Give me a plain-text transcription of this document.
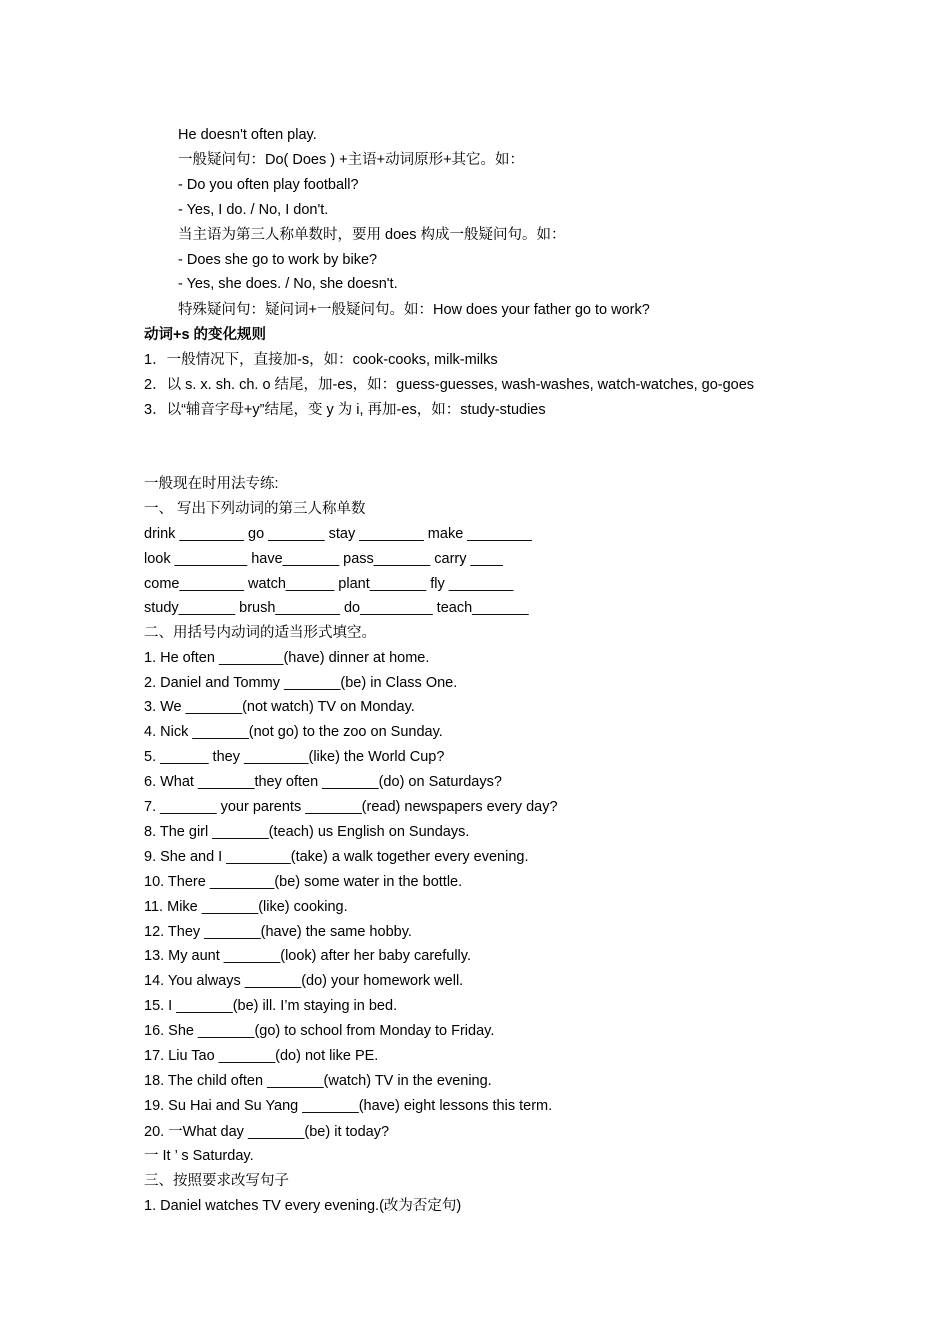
He doesn't often play.
一般疑问句：Do( Does ) +主语+动词原形+其它。如：
- Do you often play football?
- Yes, I do. / No, I don't.
当主语为第三人称单数时，要用 does 构成一般疑问句。如：
- Does she go to work by bike?
- Yes, she does. / No, she doesn't.
特殊疑问句：疑问词+一般疑问句。如：How does your father go to work?
动词+s 的变化规则
1．一般情况下，直接加-s，如：cook-cooks, milk-milks
2．以 s. x. sh. ch. o 结尾，加-es，如：guess-guesses, wash-washes, watch-watches, go-goes
3．以“辅音字母+y”结尾，变 y 为 i, 再加-es，如：study-studies
一般现在时用法专练:
一、 写出下列动词的第三人称单数
drink ________ go _______ stay ________ make ________
look _________ have_______ pass_______ carry ____
come________ watch______ plant_______ fly ________
study_______ brush________ do_________ teach_______
二、用括号内动词的适当形式填空。
1. He often ________(have) dinner at home.
2. Daniel and Tommy _______(be) in Class One.
3. We _______(not watch) TV on Monday.
4. Nick _______(not go) to the zoo on Sunday.
5. ______ they ________(like) the World Cup?
6. What _______they often _______(do) on Saturdays?
7. _______ your parents _______(read) newspapers every day?
8. The girl _______(teach) us English on Sundays.
9. She and I ________(take) a walk together every evening.
10. There ________(be) some water in the bottle.
11. Mike _______(like) cooking.
12. They _______(have) the same hobby.
13. My aunt _______(look) after her baby carefully.
14. You always _______(do) your homework well.
15. I _______(be) ill. I’m staying in bed.
16. She _______(go) to school from Monday to Friday.
17. Liu Tao _______(do) not like PE.
18. The child often _______(watch) TV in the evening.
19. Su Hai and Su Yang _______(have) eight lessons this term.
20. 一What day _______(be) it today?
一 It ’ s Saturday.
三、按照要求改写句子
1. Daniel watches TV every evening.(改为否定句)
